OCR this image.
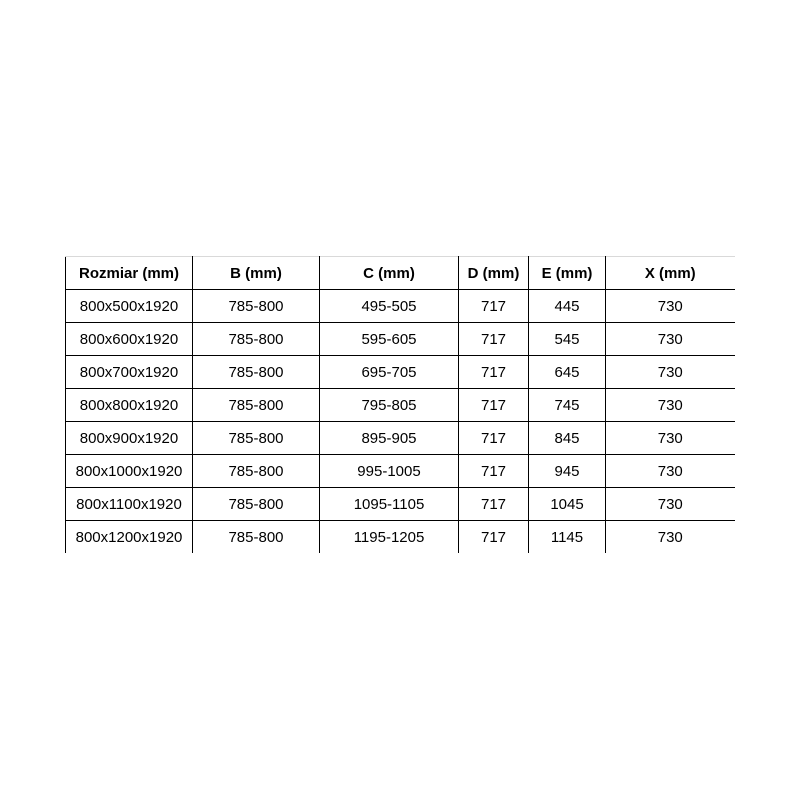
Rozmiar (mm)	B (mm)	C (mm)	D (mm)	E (mm)	X (mm)
800x500x1920	785-800	495-505	717	445	730
800x600x1920	785-800	595-605	717	545	730
800x700x1920	785-800	695-705	717	645	730
800x800x1920	785-800	795-805	717	745	730
800x900x1920	785-800	895-905	717	845	730
800x1000x1920	785-800	995-1005	717	945	730
800x1100x1920	785-800	1095-1105	717	1045	730
800x1200x1920	785-800	1195-1205	717	1145	730
